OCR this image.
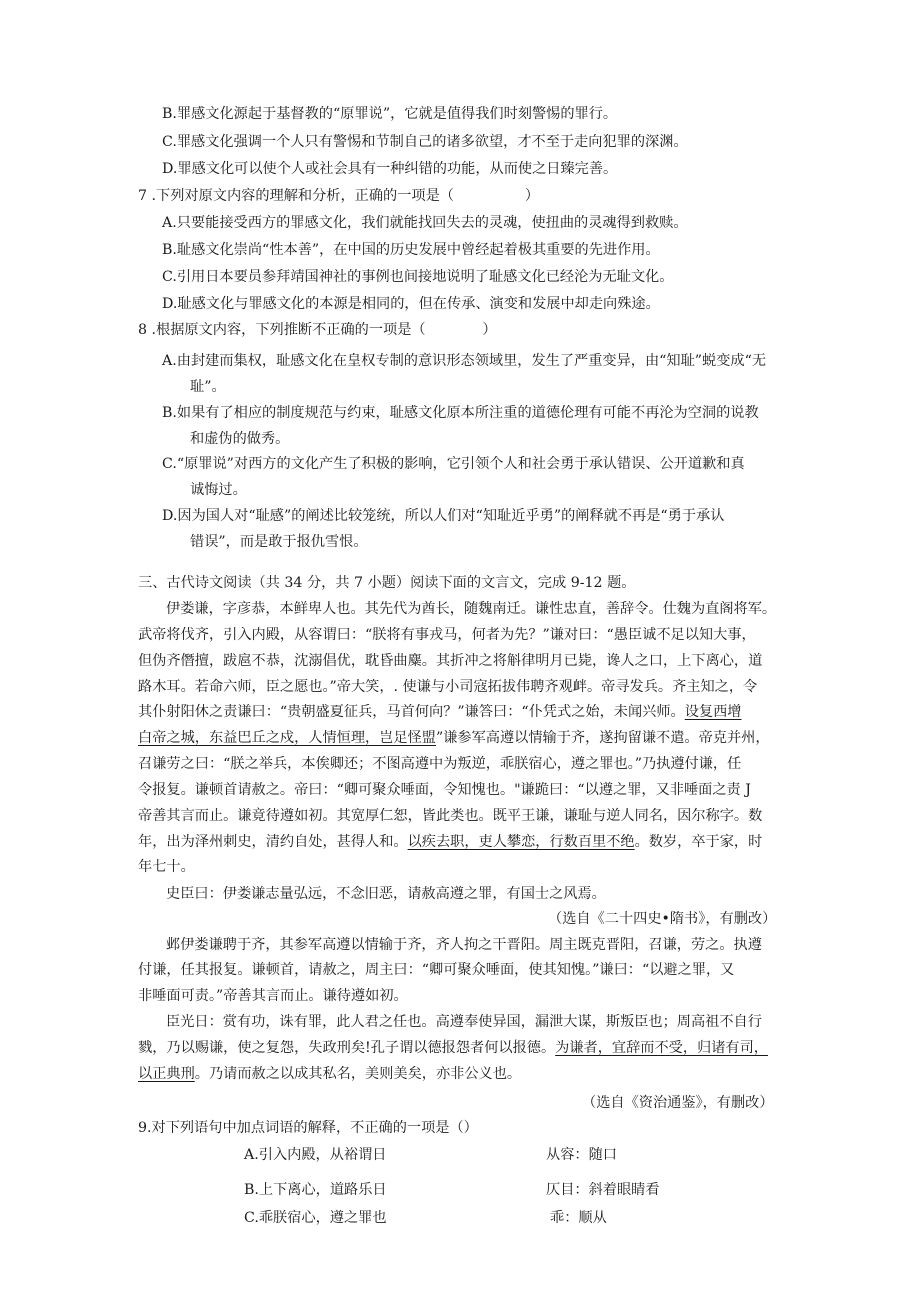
B.罪感文化源起于基督教的“原罪说”，它就是值得我们时刻警惕的罪行。
C.罪感文化强调一个人只有警惕和节制自己的诸多欲望，才不至于走向犯罪的深渊。
D.罪感文化可以使个人或社会具有一种纠错的功能，从而使之日臻完善。
7 .下列对原文内容的理解和分析，正确的一项是（　　　　　）
A.只要能接受西方的罪感文化，我们就能找回失去的灵魂，使扭曲的灵魂得到救赎。
B.耻感文化崇尚“性本善”，在中国的历史发展中曾经起着极其重要的先进作用。
C.引用日本要员参拜靖国神社的事例也间接地说明了耻感文化已经沦为无耻文化。
D.耻感文化与罪感文化的本源是相同的，但在传承、演变和发展中却走向殊途。
8 .根据原文内容，下列推断不正确的一项是（　　　　）
A.由封建而集权，耻感文化在皇权专制的意识形态领域里，发生了严重变异，由“知耻”蜕变成“无
耻”。
B.如果有了相应的制度规范与约束，耻感文化原本所注重的道德伦理有可能不再沦为空洞的说教
和虚伪的做秀。
C.“原罪说”对西方的文化产生了积极的影响，它引领个人和社会勇于承认错误、公开道歉和真
诚悔过。
D.因为国人对“耻感”的阐述比较笼统，所以人们对“知耻近乎勇”的阐释就不再是“勇于承认
错误”，而是敢于报仇雪恨。
三、古代诗文阅读（共 34 分，共 7 小题）阅读下面的文言文，完成 9-12 题。
伊娄谦，字彦恭，本鲜卑人也。其先代为酋长，随魏南迁。谦性忠直，善辞令。仕魏为直阁将军。
武帝将伐齐，引入内殿，从容谓曰：“朕将有事戎马，何者为先？”谦对曰：“愚臣诚不足以知大事，
但伪齐僭擅，跋扈不恭，沈溺倡优，耽昏曲麋。其折冲之将斛律明月已毙，谗人之口，上下离心，道
路木耳。若命六师，臣之愿也。”帝大笑，. 使谦与小司寇拓拔伟聘齐观衅。帝寻发兵。齐主知之，令
其仆射阳休之责谦曰：“贵朝盛夏征兵，马首何向？”谦答曰：“仆凭式之始，未闻兴师。设复西增
白帝之城，东益巴丘之戍，人情恒理，岂足怪盟”谦参军高遵以情输于齐，遂拘留谦不遣。帝克并州，
召谦劳之曰：“朕之举兵，本俟卿还；不图高遵中为叛逆，乖朕宿心，遵之罪也。”乃执遵付谦，任
令报复。谦顿首请赦之。帝曰：“卿可聚众唾面，令知愧也。"谦跪曰：“以遵之罪，又非唾面之责 J
帝善其言而止。谦竟待遵如初。其宽厚仁恕，皆此类也。既平王谦，谦耻与逆人同名，因尔称字。数
年，出为泽州刺史，清约自处，甚得人和。以疾去职，吏人攀恋，行数百里不绝。数岁，卒于家，时
年七十。
史臣曰：伊娄谦志量弘远，不念旧恶，请赦高遵之罪，有国士之风焉。
（选自《二十四史•隋书》，有删改）
邺伊娄谦聘于齐，其参军高遵以情输于齐，齐人拘之干晋阳。周主既克晋阳，召谦，劳之。执遵
付谦，任其报复。谦顿首，请赦之，周主曰：“卿可聚众唾面，使其知愧。”谦曰：“以避之罪，又
非唾面可责。”帝善其言而止。谦待遵如初。
臣光日：赏有功，诛有罪，此人君之任也。高遵奉使异国，漏泄大谋，斯叛臣也；周高祖不自行
戮，乃以赐谦，使之复怨，失政刑矣!孔子谓以德报怨者何以报德。为谦者，宜辞而不受，归诸有司，
以正典刑。乃请而赦之以成其私名，美则美矣，亦非公义也。
（选自《资治通鉴》，有删改）
9.对下列语句中加点词语的解释，不正确的一项是（）
A.引入内殿，从裕谓日	从容：随口
B.上下离心，道路乐日	仄目：斜着眼睛看
C.乖朕宿心，遵之罪也	乖：顺从
